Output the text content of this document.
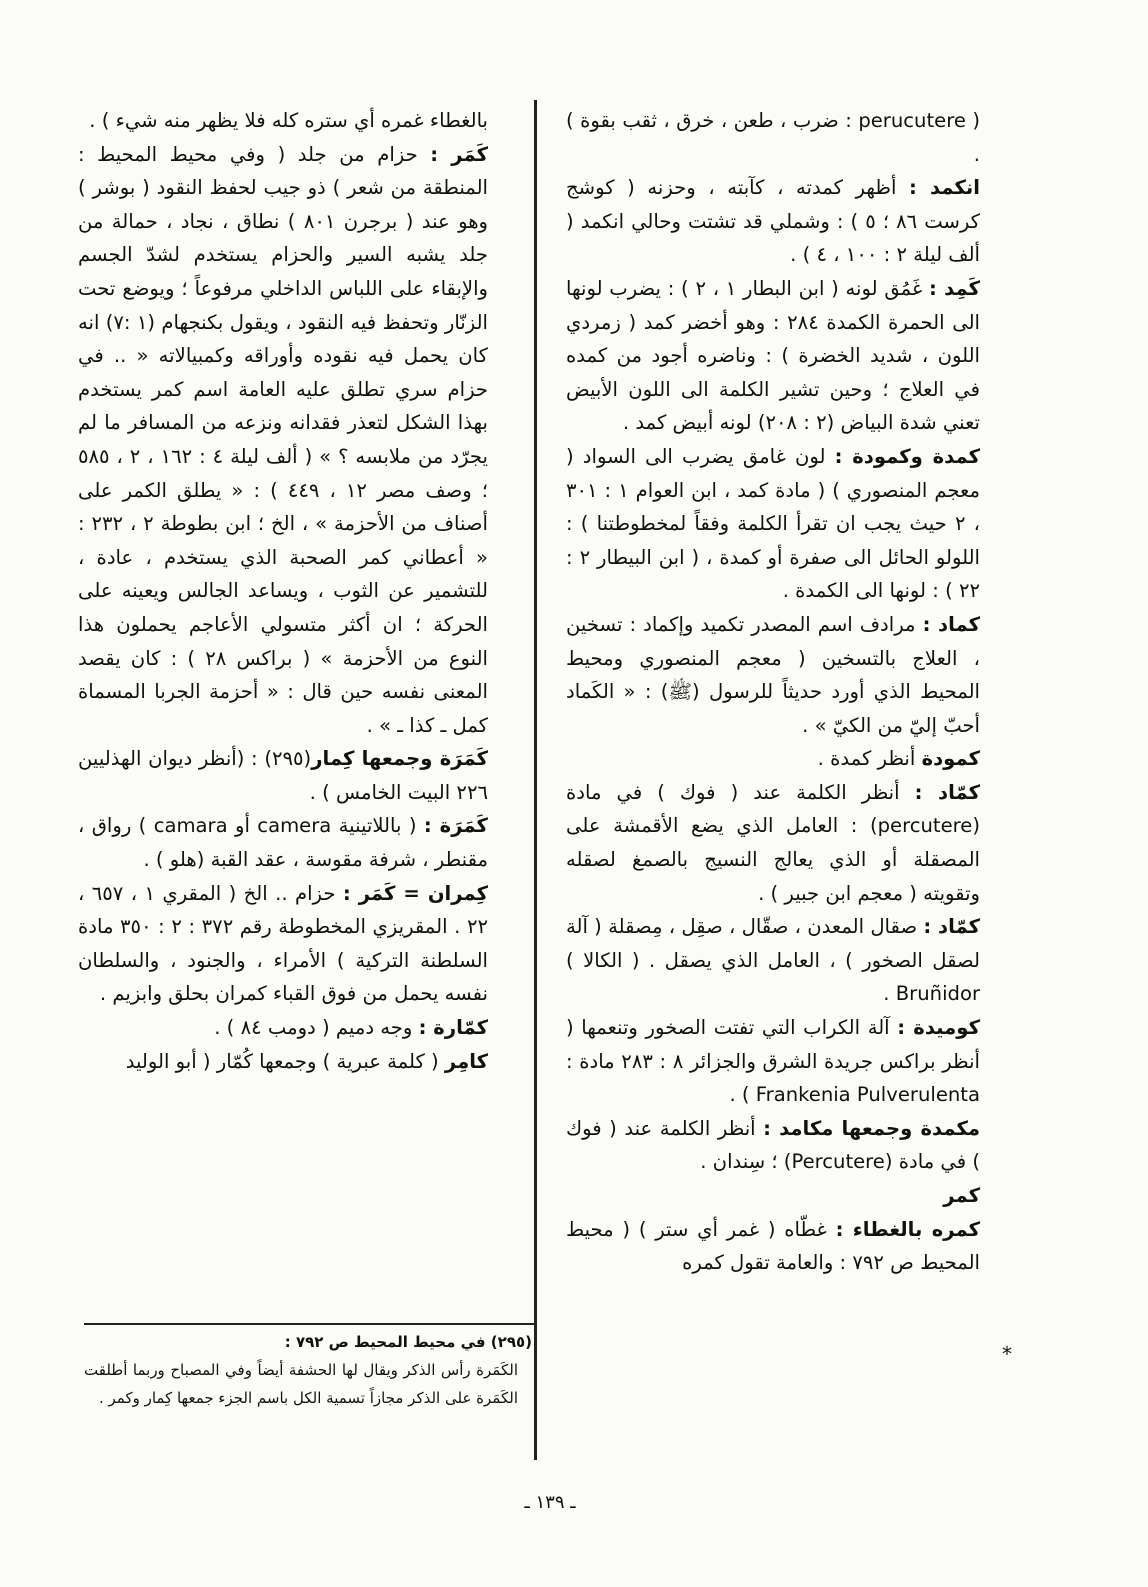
( perucutere : ضرب ، طعن ، خرق ، ثقب بقوة ) .

انكمد : أظهر كمدته ، كآبته ، وحزنه ( كوشج كرست ٨٦ ؛ ٥ ) : وشملي قد تشتت وحالي انكمد ( ألف ليلة ٢ : ١٠٠ ، ٤ ) .

كَمِد : غَمُق لونه ( ابن البطار ١ ، ٢ ) : يضرب لونها الى الحمرة الكمدة ٢٨٤ : وهو أخضر كمد ( زمردي اللون ، شديد الخضرة ) : وناضره أجود من كمده في العلاج ؛ وحين تشير الكلمة الى اللون الأبيض تعني شدة البياض (٢ : ٢٠٨) لونه أبيض كمد .

كمدة وكمودة : لون غامق يضرب الى السواد ( معجم المنصوري ) ( مادة كمد ، ابن العوام ١ : ٣٠١ ، ٢ حيث يجب ان تقرأ الكلمة وفقاً لمخطوطتنا ) : اللولو الحائل الى صفرة أو كمدة ، ( ابن البيطار ٢ : ٢٢ ) : لونها الى الكمدة .

كماد : مرادف اسم المصدر تكميد وإكماد : تسخين ، العلاج بالتسخين ( معجم المنصوري ومحيط المحيط الذي أورد حديثاً للرسول (ﷺ) : « الكَماد أحبّ إليّ من الكيّ » .

كمودة أنظر كمدة .

كمّاد : أنظر الكلمة عند ( فوك ) في مادة (percutere) : العامل الذي يضع الأقمشة على المصقلة أو الذي يعالج النسيج بالصمغ لصقله وتقويته ( معجم ابن جبير ) .

كمّاد : صقال المعدن ، صقّال ، صقِل ، مِصقلة ( آلة لصقل الصخور ) ، العامل الذي يصقل . ( الكالا ) Bruñidor .

كوميدة : آلة الكراب التي تفتت الصخور وتنعمها ( أنظر براكس جريدة الشرق والجزائر ٨ : ٢٨٣ مادة : Frankenia Pulverulenta ) .

مكمدة وجمعها مكامد : أنظر الكلمة عند ( فوك ) في مادة (Percutere) ؛ سِندان .

كمر

كمره بالغطاء : غطّاه ( غمر أي ستر ) ( محيط المحيط ص ٧٩٢ : والعامة تقول كمره

*

بالغطاء غمره أي ستره كله فلا يظهر منه شيء ) .

كَمَر : حزام من جلد ( وفي محيط المحيط : المنطقة من شعر ) ذو جيب لحفظ النقود ( بوشر ) وهو عند ( برجرن ٨٠١ ) نطاق ، نجاد ، حمالة من جلد يشبه السير والحزام يستخدم لشدّ الجسم والإبقاء على اللباس الداخلي مرفوعاً ؛ ويوضع تحت الزنّار وتحفظ فيه النقود ، ويقول بكنجهام (١ :٧) انه كان يحمل فيه نقوده وأوراقه وكمبيالاته « .. في حزام سري تطلق عليه العامة اسم كمر يستخدم بهذا الشكل لتعذر فقدانه ونزعه من المسافر ما لم يجرّد من ملابسه ؟ » ( ألف ليلة ٤ : ١٦٢ ، ٢ ، ٥٨٥ ؛ وصف مصر ١٢ ، ٤٤٩ ) : « يطلق الكمر على أصناف من الأحزمة » ، الخ ؛ ابن بطوطة ٢ ، ٢٣٢ : « أعطاني كمر الصحبة الذي يستخدم ، عادة ، للتشمير عن الثوب ، ويساعد الجالس ويعينه على الحركة ؛ ان أكثر متسولي الأعاجم يحملون هذا النوع من الأحزمة » ( براكس ٢٨ ) : كان يقصد المعنى نفسه حين قال : « أحزمة الجربا المسماة كمل ـ كذا ـ » .

كَمَرَة وجمعها كِمار(٢٩٥) : (أنظر ديوان الهذليين ٢٢٦ البيت الخامس ) .

كَمَرَة : ( باللاتينية camera أو camara ) رواق ، مقنطر ، شرفة مقوسة ، عقد القبة (هلو ) .

كِمران = كَمَر : حزام .. الخ ( المقري ١ ، ٦٥٧ ، ٢٢ . المقريزي المخطوطة رقم ٣٧٢ : ٢ : ٣٥٠ مادة السلطنة التركية ) الأمراء ، والجنود ، والسلطان نفسه يحمل من فوق القباء كمران بحلق وابزيم .

كمّارة : وجه دميم ( دومب ٨٤ ) .

كامِر ( كلمة عبرية ) وجمعها كُمّار ( أبو الوليد

(٢٩٥) في محيط المحيط ص ٧٩٢ :

الكَمَرة رأس الذكر ويقال لها الحشفة أيضاً وفي المصباح وربما أطلقت الكَمَرة على الذكر مجازاً تسمية الكل باسم الجزء جمعها كِمار وكمر .

ـ ١٣٩ ـ
